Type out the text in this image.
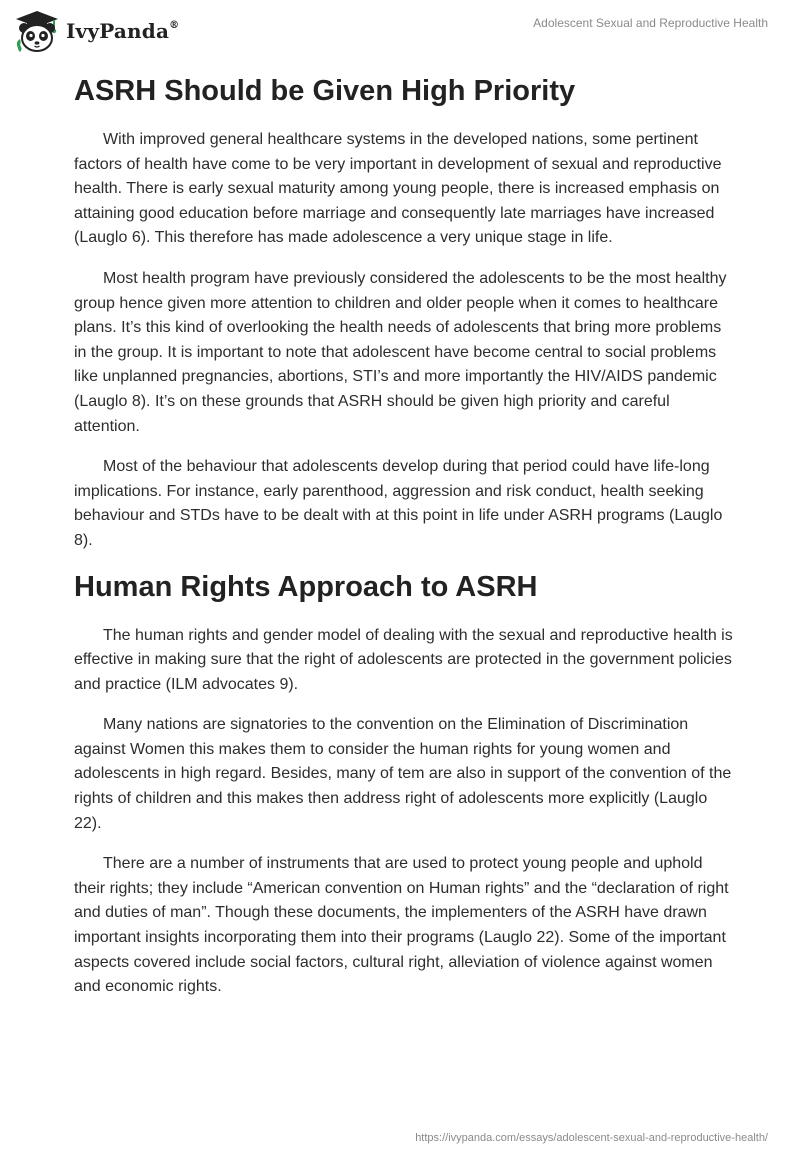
IvyPanda®	Adolescent Sexual and Reproductive Health
ASRH Should be Given High Priority

With improved general healthcare systems in the developed nations, some pertinent factors of health have come to be very important in development of sexual and reproductive health. There is early sexual maturity among young people, there is increased emphasis on attaining good education before marriage and consequently late marriages have increased (Lauglo 6). This therefore has made adolescence a very unique stage in life.

Most health program have previously considered the adolescents to be the most healthy group hence given more attention to children and older people when it comes to healthcare plans. It’s this kind of overlooking the health needs of adolescents that bring more problems in the group. It is important to note that adolescent have become central to social problems like unplanned pregnancies, abortions, STI’s and more importantly the HIV/AIDS pandemic (Lauglo 8). It’s on these grounds that ASRH should be given high priority and careful attention.

Most of the behaviour that adolescents develop during that period could have life-long implications. For instance, early parenthood, aggression and risk conduct, health seeking behaviour and STDs have to be dealt with at this point in life under ASRH programs (Lauglo 8).

Human Rights Approach to ASRH

The human rights and gender model of dealing with the sexual and reproductive health is effective in making sure that the right of adolescents are protected in the government policies and practice (ILM advocates 9).

Many nations are signatories to the convention on the Elimination of Discrimination against Women this makes them to consider the human rights for young women and adolescents in high regard. Besides, many of tem are also in support of the convention of the rights of children and this makes then address right of adolescents more explicitly (Lauglo 22).

There are a number of instruments that are used to protect young people and uphold their rights; they include “American convention on Human rights” and the “declaration of right and duties of man”. Though these documents, the implementers of the ASRH have drawn important insights incorporating them into their programs (Lauglo 22). Some of the important aspects covered include social factors, cultural right, alleviation of violence against women and economic rights.

https://ivypanda.com/essays/adolescent-sexual-and-reproductive-health/
